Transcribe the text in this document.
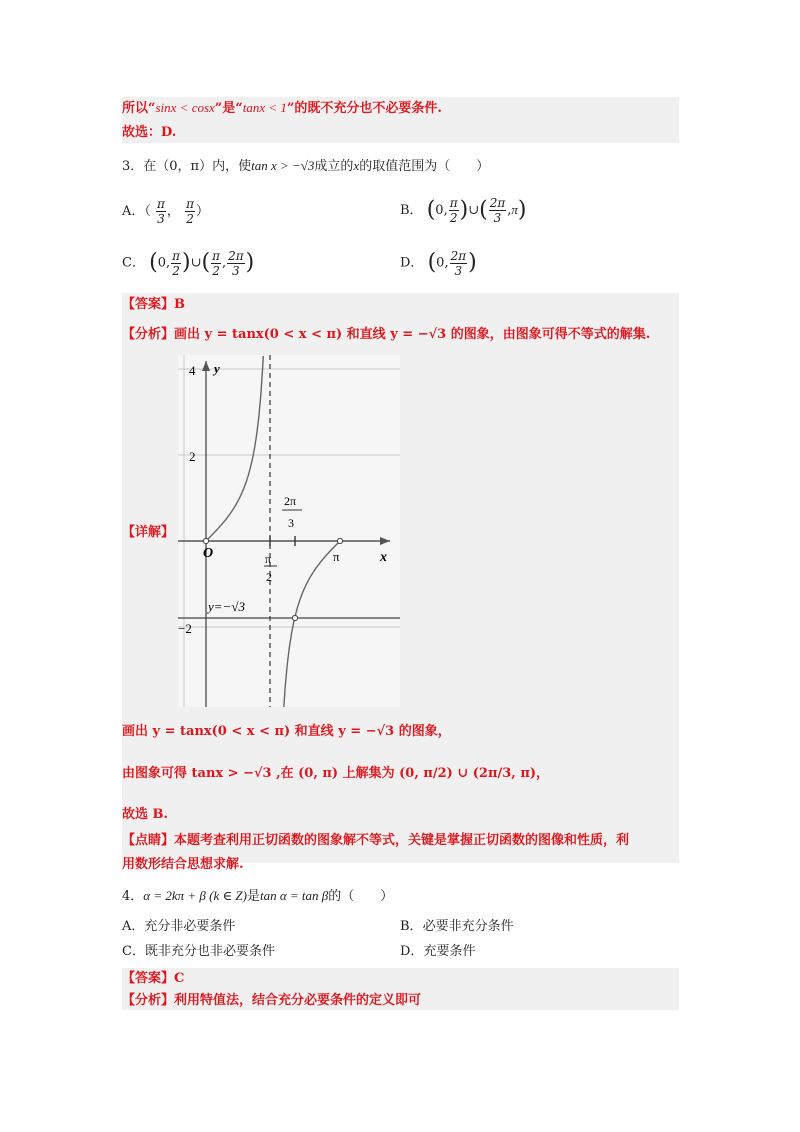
所以“sinx < cosx”是“tanx < 1”的既不充分也不必要条件.
故选：D.
3．在（0，π）内，使tan x > −√3成立的x的取值范围为（　　）
A．（ $\frac{\pi}{3}$ ， $\frac{\pi}{2}$ ）	B． (0, $\frac{\pi}{2}$ )∪( $\frac{2\pi}{3} ,\pi$)
C． (0, $\frac{\pi}{2}$ )∪( $\frac{\pi}{2}$ , $\frac{2\pi}{3}$ )	D． (0, $\frac{2\pi}{3}$ )
【答案】B
【分析】画出 y = tanx(0 < x < π) 和直线 y = −√3 的图象，由图象可得不等式的解集.
【详解】
4
2
−2
y
x
O	π
π
2
2π
3
y=−√3
画出 y = tanx(0 < x < π) 和直线 y = −√3 的图象，
由图象可得 tanx > −√3 ,在 (0, π) 上解集为 (0, π/2) ∪ (2π/3, π)，
故选 B.
【点睛】本题考查利用正切函数的图象解不等式，关键是掌握正切函数的图像和性质，利
用数形结合思想求解.
4．α = 2kπ + β (k ∈ Z)是tan α = tan β的（　　）
A．充分非必要条件	B．必要非充分条件
C．既非充分也非必要条件	D．充要条件
【答案】C
【分析】利用特值法，结合充分必要条件的定义即可
